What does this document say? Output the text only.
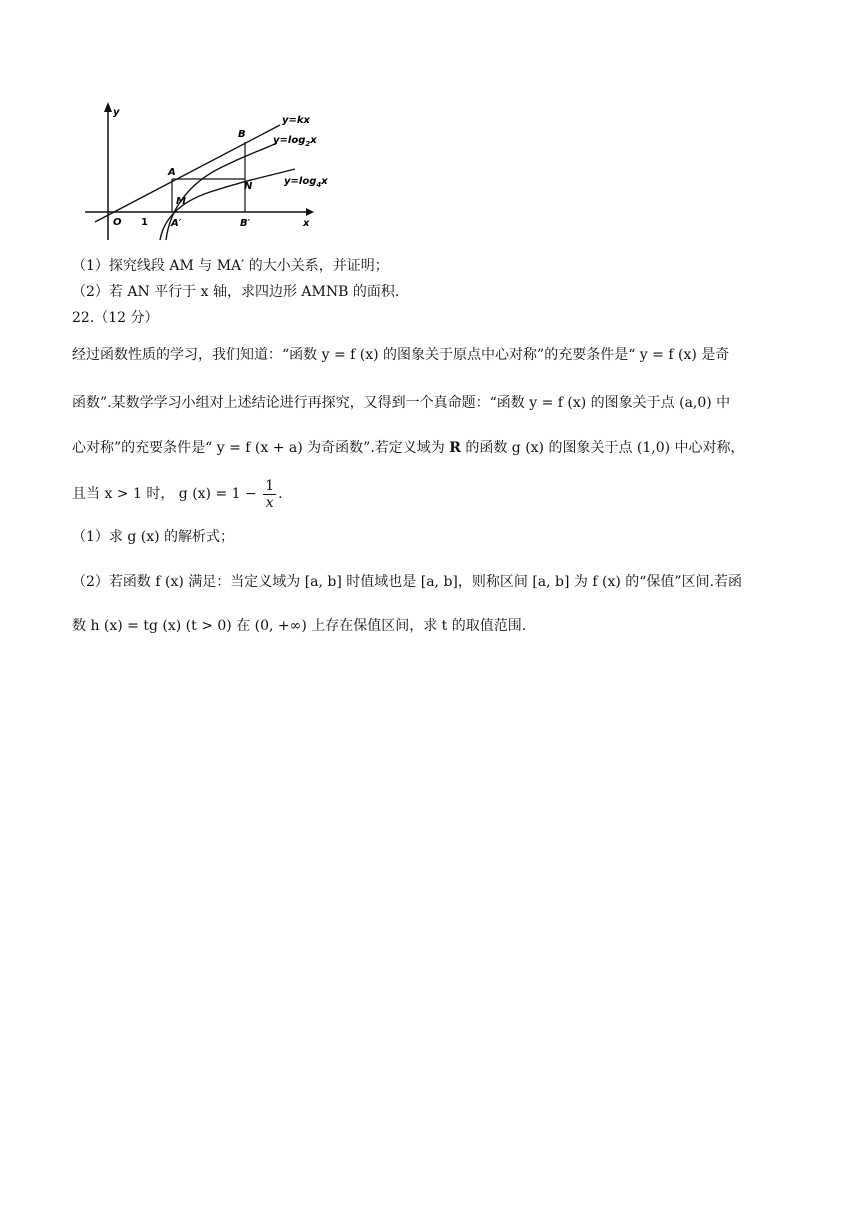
y
x
O 1
A
B
M
N
A′	B′
y=kx
$y=\log_2x$
$y=\log_4x$
（1）探究线段 AM 与 MA′ 的大小关系，并证明；
（2）若 AN 平行于 x 轴，求四边形 AMNB 的面积.
22.（12 分）
经过函数性质的学习，我们知道：“函数 y = f (x) 的图象关于原点中心对称”的充要条件是“ y = f (x) 是奇
函数”.某数学学习小组对上述结论进行再探究，又得到一个真命题：“函数 y = f (x) 的图象关于点 (a,0) 中
心对称”的充要条件是“ y = f (x + a) 为奇函数”.若定义域为 R 的函数 g (x) 的图象关于点 (1,0) 中心对称，
且当 x > 1 时， g $(x) = 1 - \frac{1}{x}$ .
（1）求 g (x) 的解析式；
（2）若函数 f (x) 满足：当定义域为 [a, b] 时值域也是 [a, b]，则称区间 [a, b] 为 f (x) 的“保值”区间.若函
数 h (x) = tg (x) (t > 0) 在 (0, +∞) 上存在保值区间，求 t 的取值范围.
